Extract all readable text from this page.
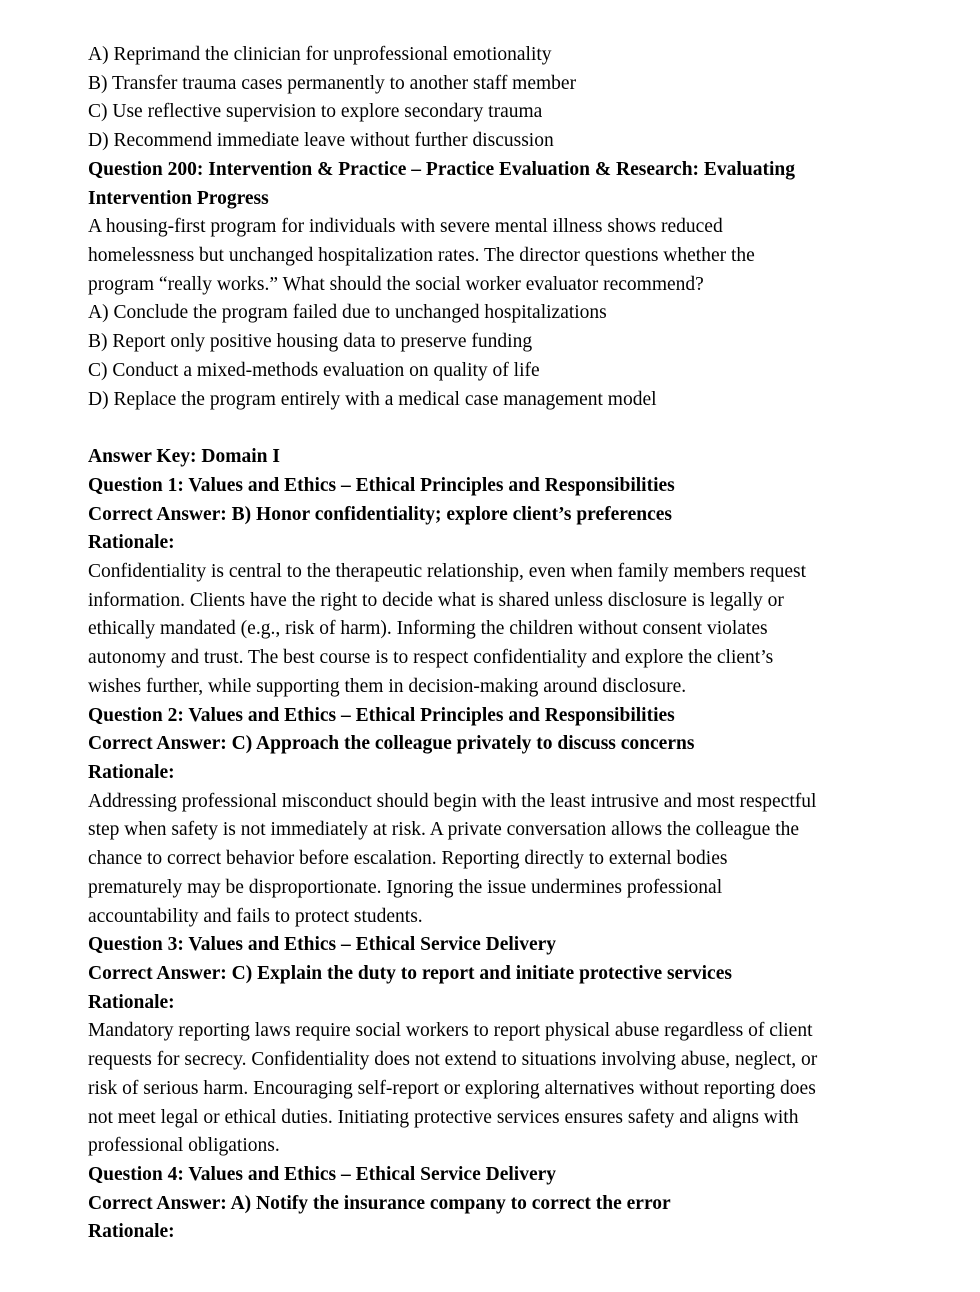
A) Reprimand the clinician for unprofessional emotionality
B) Transfer trauma cases permanently to another staff member
C) Use reflective supervision to explore secondary trauma
D) Recommend immediate leave without further discussion
Question 200: Intervention & Practice – Practice Evaluation & Research: Evaluating
Intervention Progress
A housing-first program for individuals with severe mental illness shows reduced
homelessness but unchanged hospitalization rates. The director questions whether the
program “really works.” What should the social worker evaluator recommend?
A) Conclude the program failed due to unchanged hospitalizations
B) Report only positive housing data to preserve funding
C) Conduct a mixed-methods evaluation on quality of life
D) Replace the program entirely with a medical case management model

Answer Key: Domain I
Question 1: Values and Ethics – Ethical Principles and Responsibilities
Correct Answer: B) Honor confidentiality; explore client’s preferences
Rationale:
Confidentiality is central to the therapeutic relationship, even when family members request
information. Clients have the right to decide what is shared unless disclosure is legally or
ethically mandated (e.g., risk of harm). Informing the children without consent violates
autonomy and trust. The best course is to respect confidentiality and explore the client’s
wishes further, while supporting them in decision-making around disclosure.
Question 2: Values and Ethics – Ethical Principles and Responsibilities
Correct Answer: C) Approach the colleague privately to discuss concerns
Rationale:
Addressing professional misconduct should begin with the least intrusive and most respectful
step when safety is not immediately at risk. A private conversation allows the colleague the
chance to correct behavior before escalation. Reporting directly to external bodies
prematurely may be disproportionate. Ignoring the issue undermines professional
accountability and fails to protect students.
Question 3: Values and Ethics – Ethical Service Delivery
Correct Answer: C) Explain the duty to report and initiate protective services
Rationale:
Mandatory reporting laws require social workers to report physical abuse regardless of client
requests for secrecy. Confidentiality does not extend to situations involving abuse, neglect, or
risk of serious harm. Encouraging self-report or exploring alternatives without reporting does
not meet legal or ethical duties. Initiating protective services ensures safety and aligns with
professional obligations.
Question 4: Values and Ethics – Ethical Service Delivery
Correct Answer: A) Notify the insurance company to correct the error
Rationale:
